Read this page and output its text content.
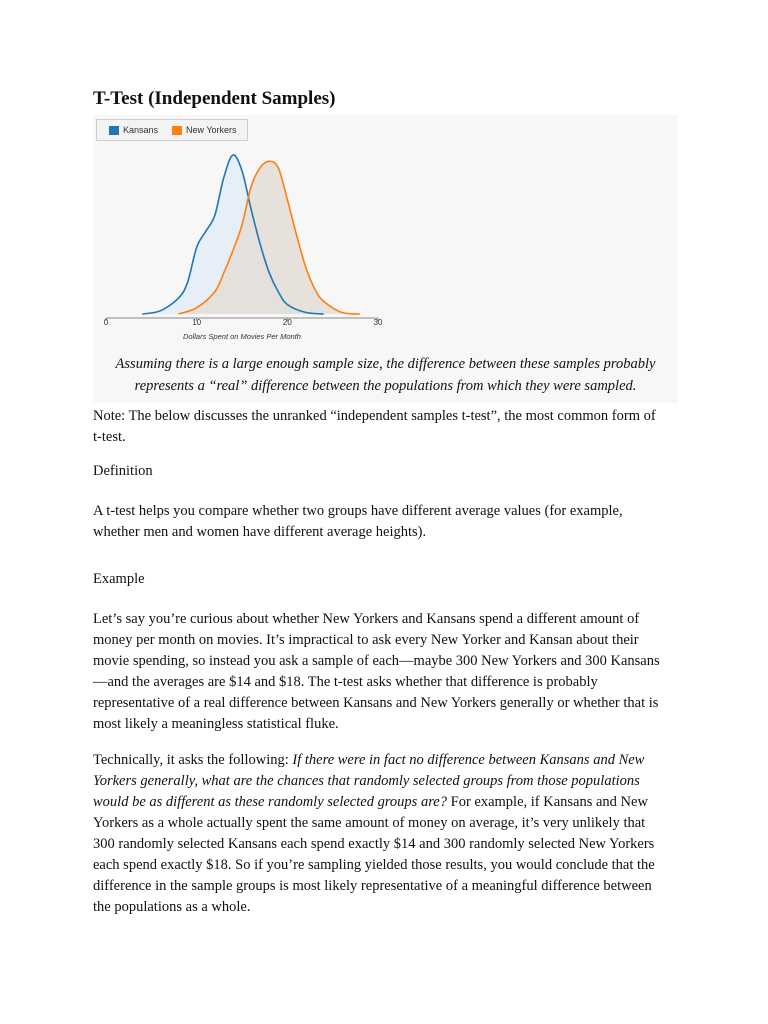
T-Test (Independent Samples)
Kansans	New Yorkers
0	10	20	30
Dollars Spent on Movies Per Month
Assuming there is a large enough sample size, the difference between these samples probably represents a “real” difference between the populations from which they were sampled.

Note: The below discusses the unranked “independent samples t-test”, the most common form of t-test.

Definition

A t-test helps you compare whether two groups have different average values (for example, whether men and women have different average heights).

Example

Let’s say you’re curious about whether New Yorkers and Kansans spend a different amount of money per month on movies. It’s impractical to ask every New Yorker and Kansan about their movie spending, so instead you ask a sample of each—maybe 300 New Yorkers and 300 Kansans—and the averages are $14 and $18. The t-test asks whether that difference is probably representative of a real difference between Kansans and New Yorkers generally or whether that is most likely a meaningless statistical fluke.

Technically, it asks the following: If there were in fact no difference between Kansans and New Yorkers generally, what are the chances that randomly selected groups from those populations would be as different as these randomly selected groups are? For example, if Kansans and New Yorkers as a whole actually spent the same amount of money on average, it’s very unlikely that 300 randomly selected Kansans each spend exactly $14 and 300 randomly selected New Yorkers each spend exactly $18. So if you’re sampling yielded those results, you would conclude that the difference in the sample groups is most likely representative of a meaningful difference between the populations as a whole.
